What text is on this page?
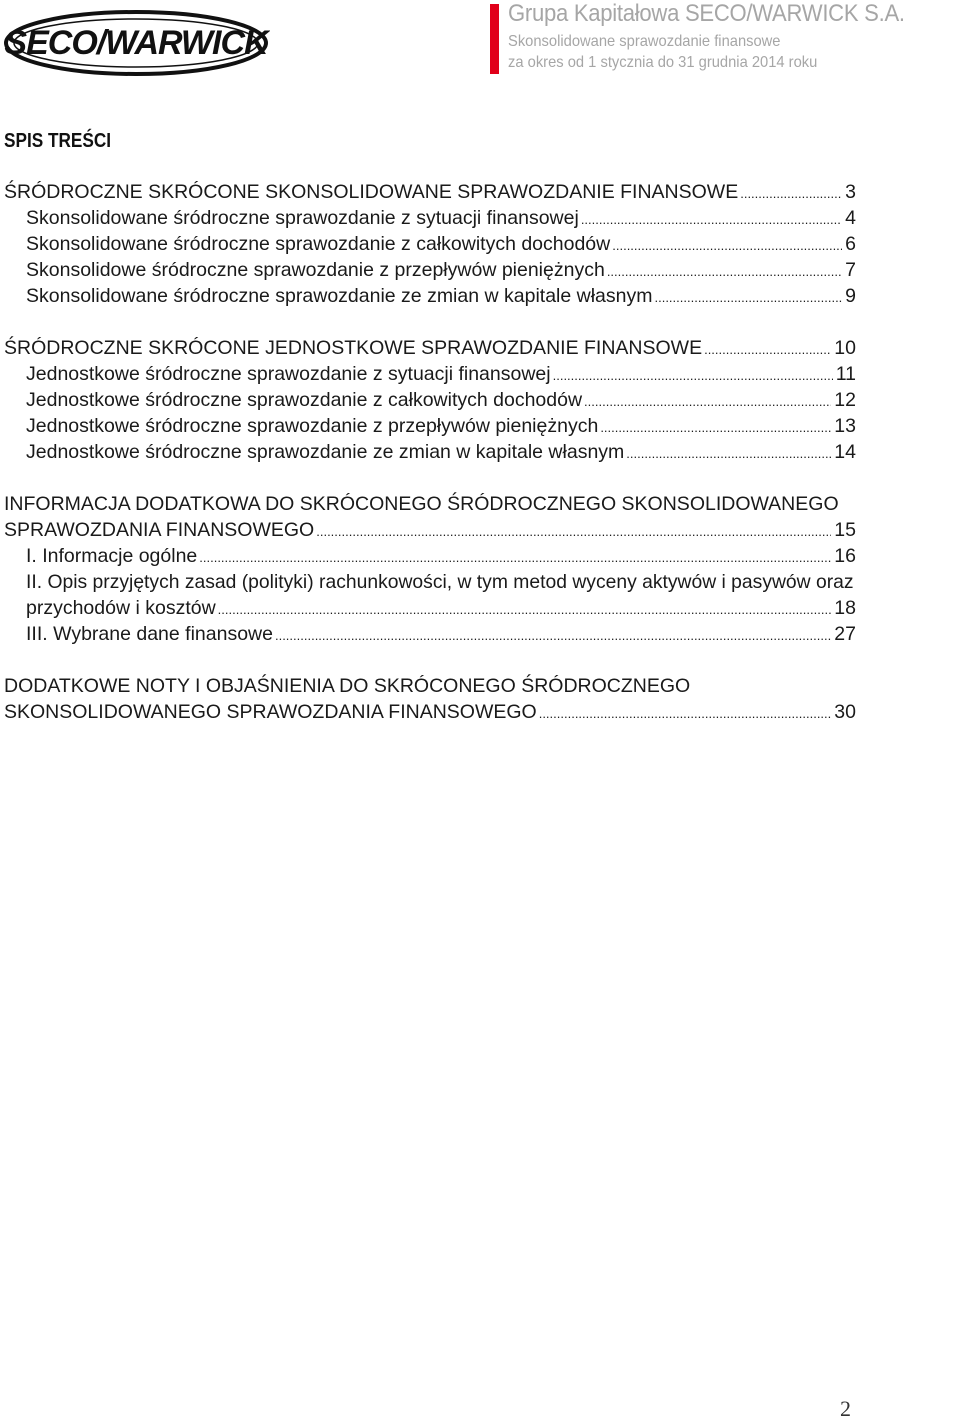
SECO/WARWICK
Grupa Kapitałowa SECO/WARWICK S.A.
Skonsolidowane sprawozdanie finansowe
za okres od 1 stycznia do 31 grudnia 2014 roku
SPIS TREŚCI
ŚRÓDROCZNE SKRÓCONE SKONSOLIDOWANE SPRAWOZDANIE FINANSOWE .....	3
Skonsolidowane śródroczne sprawozdanie z sytuacji finansowej .....	4
Skonsolidowane śródroczne sprawozdanie z całkowitych dochodów .....	6
Skonsolidowe śródroczne sprawozdanie z przepływów pieniężnych .....	7
Skonsolidowane śródroczne sprawozdanie ze zmian w kapitale własnym .....	9
ŚRÓDROCZNE SKRÓCONE JEDNOSTKOWE SPRAWOZDANIE FINANSOWE .....	10
Jednostkowe śródroczne sprawozdanie z sytuacji finansowej .....	11
Jednostkowe śródroczne sprawozdanie z całkowitych dochodów .....	12
Jednostkowe śródroczne sprawozdanie z przepływów pieniężnych .....	13
Jednostkowe śródroczne sprawozdanie ze zmian w kapitale własnym .....	14
INFORMACJA DODATKOWA DO SKRÓCONEGO ŚRÓDROCZNEGO SKONSOLIDOWANEGO
SPRAWOZDANIA FINANSOWEGO .....	15
I. Informacje ogólne .....	16
II. Opis przyjętych zasad (polityki) rachunkowości, w tym metod wyceny aktywów i pasywów oraz
przychodów i kosztów .....	18
III. Wybrane dane finansowe .....	27
DODATKOWE NOTY I OBJAŚNIENIA DO SKRÓCONEGO ŚRÓDROCZNEGO
SKONSOLIDOWANEGO SPRAWOZDANIA FINANSOWEGO .....	30
2
